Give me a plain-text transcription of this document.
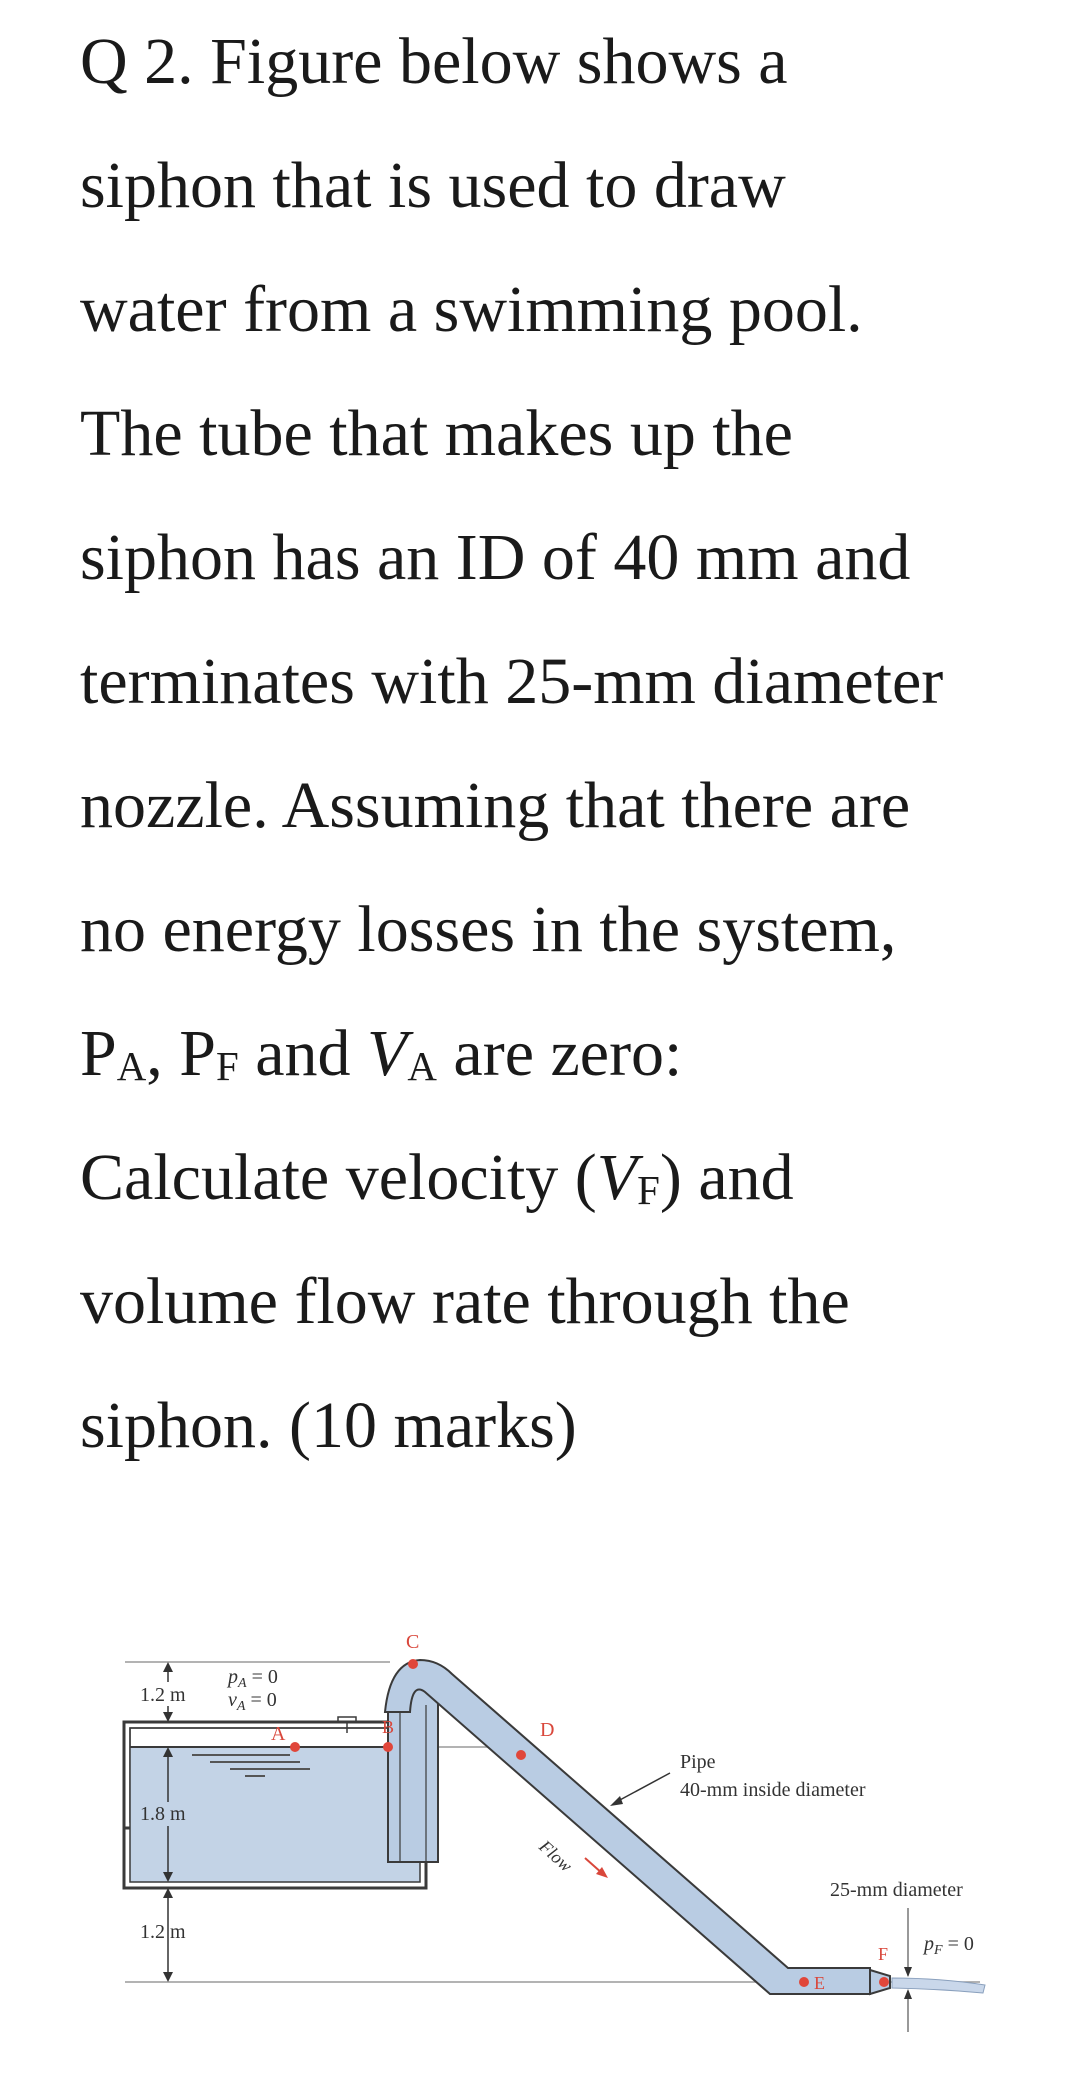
Q 2. Figure below shows a
siphon that is used to draw
water from a swimming pool.
The tube that makes up the
siphon has an ID of 40 mm and
terminates with 25-mm diameter
nozzle. Assuming that there are
no energy losses in the system,
PA, PF and VA are zero:
Calculate velocity (VF) and
volume flow rate through the
siphon. (10 marks)
1.2 m
1.8 m
1.2 m
$p_A = 0$
$v_A = 0$
A	B
C
D
E
F
Flow
Pipe
40-mm inside diameter
25-mm diameter
$p_F = 0$
